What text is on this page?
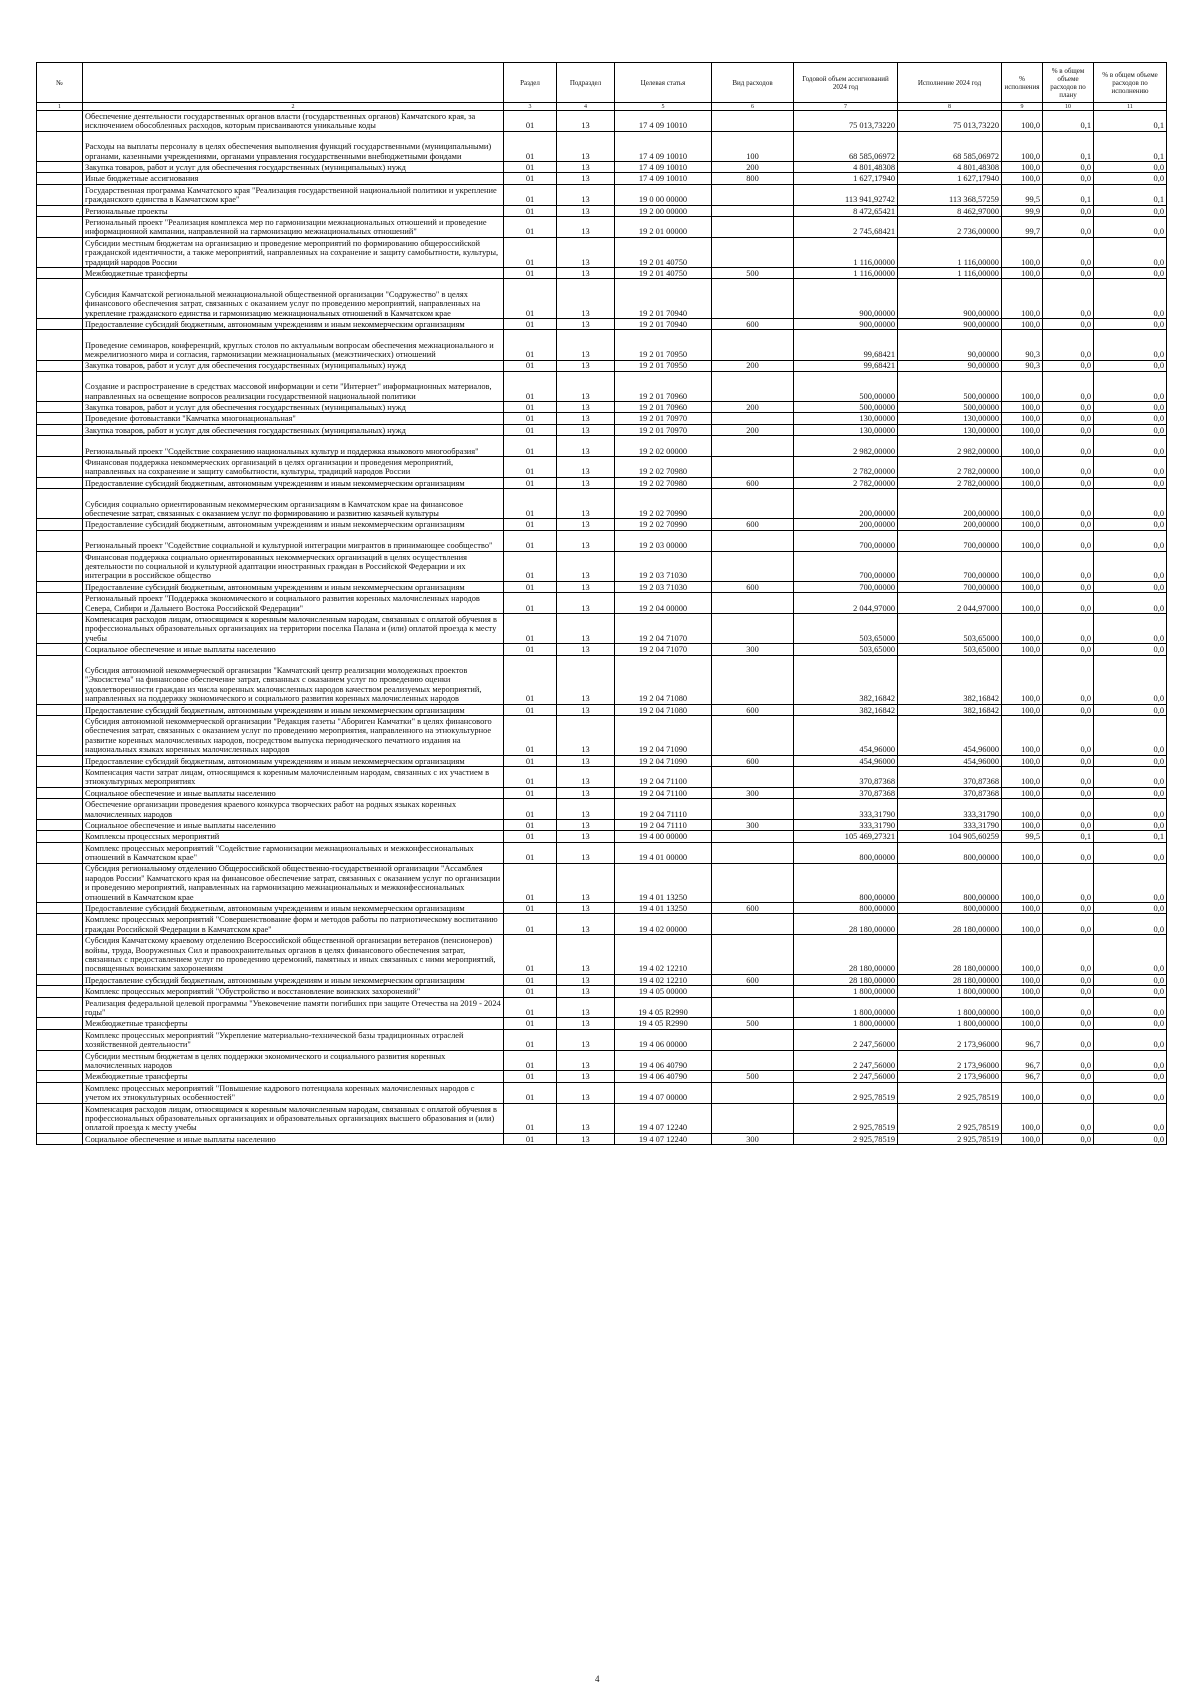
№		Раздел	Подраздел	Целевая статья	Вид расходов	Годовой объем ассигнований 2024 год	Исполнение 2024 год	% исполнения	% в общем объеме расходов по плану	% в общем объеме расходов по исполнению
1	2	3	4	5	6	7	8	9	10	11
	Обеспечение деятельности государственных органов власти (государственных органов) Камчатского края, за исключением обособленных расходов, которым присваиваются уникальные коды	01	13	17 4 09 10010		75 013,73220	75 013,73220	100,0	0,1	0,1
	Расходы на выплаты персоналу в целях обеспечения выполнения функций государственными (муниципальными) органами, казенными учреждениями, органами управления государственными внебюджетными фондами	01	13	17 4 09 10010	100	68 585,06972	68 585,06972	100,0	0,1	0,1
	Закупка товаров, работ и услуг для обеспечения государственных (муниципальных) нужд	01	13	17 4 09 10010	200	4 801,48308	4 801,48308	100,0	0,0	0,0
	Иные бюджетные ассигнования	01	13	17 4 09 10010	800	1 627,17940	1 627,17940	100,0	0,0	0,0
	Государственная программа Камчатского края "Реализация государственной национальной политики и укрепление гражданского единства в Камчатском крае"	01	13	19 0 00 00000		113 941,92742	113 368,57259	99,5	0,1	0,1
	Региональные проекты	01	13	19 2 00 00000		8 472,65421	8 462,97000	99,9	0,0	0,0
	Региональный проект "Реализация комплекса мер по гармонизации межнациональных отношений и проведение информационной кампании, направленной на гармонизацию межнациональных отношений"	01	13	19 2 01 00000		2 745,68421	2 736,00000	99,7	0,0	0,0
	Субсидии местным бюджетам на организацию и проведение мероприятий по формированию общероссийской гражданской идентичности, а также мероприятий, направленных на сохранение и защиту самобытности, культуры, традиций народов России	01	13	19 2 01 40750		1 116,00000	1 116,00000	100,0	0,0	0,0
	Межбюджетные трансферты	01	13	19 2 01 40750	500	1 116,00000	1 116,00000	100,0	0,0	0,0
	Субсидия Камчатской региональной межнациональной общественной организации "Содружество" в целях финансового обеспечения затрат, связанных с оказанием услуг по проведению мероприятий, направленных на укрепление гражданского единства и гармонизацию межнациональных отношений в Камчатском крае	01	13	19 2 01 70940		900,00000	900,00000	100,0	0,0	0,0
	Предоставление субсидий бюджетным, автономным учреждениям и иным некоммерческим организациям	01	13	19 2 01 70940	600	900,00000	900,00000	100,0	0,0	0,0
	Проведение семинаров, конференций, круглых столов по актуальным вопросам обеспечения межнационального и межрелигиозного мира и согласия, гармонизации межнациональных (межэтнических) отношений	01	13	19 2 01 70950		99,68421	90,00000	90,3	0,0	0,0
	Закупка товаров, работ и услуг для обеспечения государственных (муниципальных) нужд	01	13	19 2 01 70950	200	99,68421	90,00000	90,3	0,0	0,0
	Создание и распространение в средствах массовой информации и сети "Интернет" информационных материалов, направленных на освещение вопросов реализации государственной национальной политики	01	13	19 2 01 70960		500,00000	500,00000	100,0	0,0	0,0
	Закупка товаров, работ и услуг для обеспечения государственных (муниципальных) нужд	01	13	19 2 01 70960	200	500,00000	500,00000	100,0	0,0	0,0
	Проведение фотовыставки "Камчатка многонациональная"	01	13	19 2 01 70970		130,00000	130,00000	100,0	0,0	0,0
	Закупка товаров, работ и услуг для обеспечения государственных (муниципальных) нужд	01	13	19 2 01 70970	200	130,00000	130,00000	100,0	0,0	0,0
	Региональный проект "Содействие сохранению национальных культур и поддержка языкового многообразия"	01	13	19 2 02 00000		2 982,00000	2 982,00000	100,0	0,0	0,0
	Финансовая поддержка некоммерческих организаций в целях организации и проведения мероприятий, направленных на сохранение и защиту самобытности, культуры, традиций народов России	01	13	19 2 02 70980		2 782,00000	2 782,00000	100,0	0,0	0,0
	Предоставление субсидий бюджетным, автономным учреждениям и иным некоммерческим организациям	01	13	19 2 02 70980	600	2 782,00000	2 782,00000	100,0	0,0	0,0
	Субсидия социально ориентированным некоммерческим организациям в Камчатском крае на финансовое обеспечение затрат, связанных с оказанием услуг по формированию и развитию казачьей культуры	01	13	19 2 02 70990		200,00000	200,00000	100,0	0,0	0,0
	Предоставление субсидий бюджетным, автономным учреждениям и иным некоммерческим организациям	01	13	19 2 02 70990	600	200,00000	200,00000	100,0	0,0	0,0
	Региональный проект "Содействие социальной и культурной интеграции мигрантов в принимающее сообщество"	01	13	19 2 03 00000		700,00000	700,00000	100,0	0,0	0,0
	Финансовая поддержка социально ориентированных некоммерческих организаций в целях осуществления деятельности по социальной и культурной адаптации иностранных граждан в Российской Федерации и их интеграции в российское общество	01	13	19 2 03 71030		700,00000	700,00000	100,0	0,0	0,0
	Предоставление субсидий бюджетным, автономным учреждениям и иным некоммерческим организациям	01	13	19 2 03 71030	600	700,00000	700,00000	100,0	0,0	0,0
	Региональный проект "Поддержка экономического и социального развития коренных малочисленных народов Севера, Сибири и Дальнего Востока Российской Федерации"	01	13	19 2 04 00000		2 044,97000	2 044,97000	100,0	0,0	0,0
	Компенсация расходов лицам, относящимся к коренным малочисленным народам, связанных с оплатой обучения в профессиональных образовательных организациях на территории поселка Палана и (или) оплатой проезда к месту учебы	01	13	19 2 04 71070		503,65000	503,65000	100,0	0,0	0,0
	Социальное обеспечение и иные выплаты населению	01	13	19 2 04 71070	300	503,65000	503,65000	100,0	0,0	0,0
	Субсидия автономной некоммерческой организации "Камчатский центр реализации молодежных проектов "Экосистема" на финансовое обеспечение затрат, связанных с оказанием услуг по проведению оценки удовлетворенности граждан из числа коренных малочисленных народов качеством реализуемых мероприятий, направленных на поддержку экономического и социального развития коренных малочисленных народов	01	13	19 2 04 71080		382,16842	382,16842	100,0	0,0	0,0
	Предоставление субсидий бюджетным, автономным учреждениям и иным некоммерческим организациям	01	13	19 2 04 71080	600	382,16842	382,16842	100,0	0,0	0,0
	Субсидия автономной некоммерческой организации "Редакция газеты "Абориген Камчатки" в целях финансового обеспечения затрат, связанных с оказанием услуг по проведению мероприятия, направленного на этнокультурное развитие коренных малочисленных народов, посредством выпуска периодического печатного издания на национальных языках коренных малочисленных народов	01	13	19 2 04 71090		454,96000	454,96000	100,0	0,0	0,0
	Предоставление субсидий бюджетным, автономным учреждениям и иным некоммерческим организациям	01	13	19 2 04 71090	600	454,96000	454,96000	100,0	0,0	0,0
	Компенсация части затрат лицам, относящимся к коренным малочисленным народам, связанных с их участием в этнокультурных мероприятиях	01	13	19 2 04 71100		370,87368	370,87368	100,0	0,0	0,0
	Социальное обеспечение и иные выплаты населению	01	13	19 2 04 71100	300	370,87368	370,87368	100,0	0,0	0,0
	Обеспечение организации проведения краевого конкурса творческих работ на родных языках коренных малочисленных народов	01	13	19 2 04 71110		333,31790	333,31790	100,0	0,0	0,0
	Социальное обеспечение и иные выплаты населению	01	13	19 2 04 71110	300	333,31790	333,31790	100,0	0,0	0,0
	Комплексы процессных мероприятий	01	13	19 4 00 00000		105 469,27321	104 905,60259	99,5	0,1	0,1
	Комплекс процессных мероприятий "Содействие гармонизации межнациональных и межконфессиональных отношений в Камчатском крае"	01	13	19 4 01 00000		800,00000	800,00000	100,0	0,0	0,0
	Субсидия региональному отделению Общероссийской общественно-государственной организации "Ассамблея народов России" Камчатского края на финансовое обеспечение затрат, связанных с оказанием услуг по организации и проведению мероприятий, направленных на гармонизацию межнациональных и межконфессиональных отношений в Камчатском крае	01	13	19 4 01 13250		800,00000	800,00000	100,0	0,0	0,0
	Предоставление субсидий бюджетным, автономным учреждениям и иным некоммерческим организациям	01	13	19 4 01 13250	600	800,00000	800,00000	100,0	0,0	0,0
	Комплекс процессных мероприятий "Совершенствование форм и методов работы по патриотическому воспитанию граждан Российской Федерации в Камчатском крае"	01	13	19 4 02 00000		28 180,00000	28 180,00000	100,0	0,0	0,0
	Субсидия Камчатскому краевому отделению Всероссийской общественной организации ветеранов (пенсионеров) войны, труда, Вооруженных Сил и правоохранительных органов в целях финансового обеспечения затрат, связанных с предоставлением услуг по проведению церемоний, памятных и иных связанных с ними мероприятий, посвященных воинским захоронениям	01	13	19 4 02 12210		28 180,00000	28 180,00000	100,0	0,0	0,0
	Предоставление субсидий бюджетным, автономным учреждениям и иным некоммерческим организациям	01	13	19 4 02 12210	600	28 180,00000	28 180,00000	100,0	0,0	0,0
	Комплекс процессных мероприятий "Обустройство и восстановление воинских захоронений"	01	13	19 4 05 00000		1 800,00000	1 800,00000	100,0	0,0	0,0
	Реализация федеральной целевой программы "Увековечение памяти погибших при защите Отечества на 2019 - 2024 годы"	01	13	19 4 05 R2990		1 800,00000	1 800,00000	100,0	0,0	0,0
	Межбюджетные трансферты	01	13	19 4 05 R2990	500	1 800,00000	1 800,00000	100,0	0,0	0,0
	Комплекс процессных мероприятий "Укрепление материально-технической базы традиционных отраслей хозяйственной деятельности"	01	13	19 4 06 00000		2 247,56000	2 173,96000	96,7	0,0	0,0
	Субсидии местным бюджетам в целях поддержки экономического и социального развития коренных малочисленных народов	01	13	19 4 06 40790		2 247,56000	2 173,96000	96,7	0,0	0,0
	Межбюджетные трансферты	01	13	19 4 06 40790	500	2 247,56000	2 173,96000	96,7	0,0	0,0
	Комплекс процессных мероприятий "Повышение кадрового потенциала коренных малочисленных народов с учетом их этнокультурных особенностей"	01	13	19 4 07 00000		2 925,78519	2 925,78519	100,0	0,0	0,0
	Компенсация расходов лицам, относящимся к коренным малочисленным народам, связанных с оплатой обучения в профессиональных образовательных организациях и образовательных организациях высшего образования и (или) оплатой проезда к месту учебы	01	13	19 4 07 12240		2 925,78519	2 925,78519	100,0	0,0	0,0
	Социальное обеспечение и иные выплаты населению	01	13	19 4 07 12240	300	2 925,78519	2 925,78519	100,0	0,0	0,0
4
